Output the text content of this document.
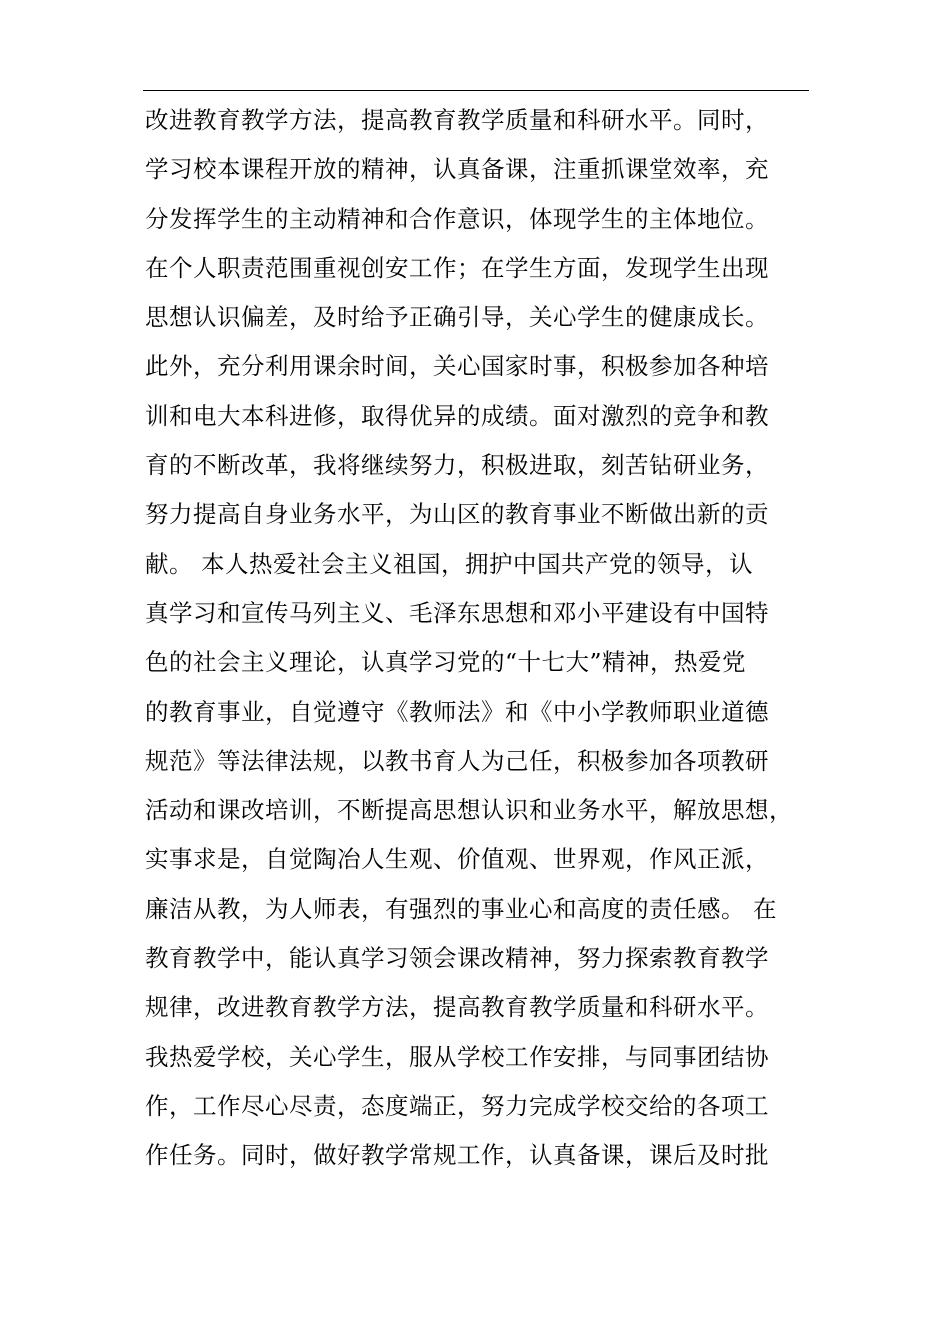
改进教育教学方法，提高教育教学质量和科研水平。同时，
学习校本课程开放的精神，认真备课，注重抓课堂效率，充
分发挥学生的主动精神和合作意识，体现学生的主体地位。
在个人职责范围重视创安工作；在学生方面，发现学生出现
思想认识偏差，及时给予正确引导，关心学生的健康成长。
此外，充分利用课余时间，关心国家时事，积极参加各种培
训和电大本科进修，取得优异的成绩。面对激烈的竞争和教
育的不断改革，我将继续努力，积极进取，刻苦钻研业务，
努力提高自身业务水平，为山区的教育事业不断做出新的贡
献。 本人热爱社会主义祖国，拥护中国共产党的领导，认
真学习和宣传马列主义、毛泽东思想和邓小平建设有中国特
色的社会主义理论，认真学习党的“十七大”精神，热爱党
的教育事业，自觉遵守《教师法》和《中小学教师职业道德
规范》等法律法规，以教书育人为己任，积极参加各项教研
活动和课改培训，不断提高思想认识和业务水平，解放思想，
实事求是，自觉陶冶人生观、价值观、世界观，作风正派，
廉洁从教，为人师表，有强烈的事业心和高度的责任感。 在
教育教学中，能认真学习领会课改精神，努力探索教育教学
规律，改进教育教学方法，提高教育教学质量和科研水平。
我热爱学校，关心学生，服从学校工作安排，与同事团结协
作，工作尽心尽责，态度端正，努力完成学校交给的各项工
作任务。同时，做好教学常规工作，认真备课，课后及时批
